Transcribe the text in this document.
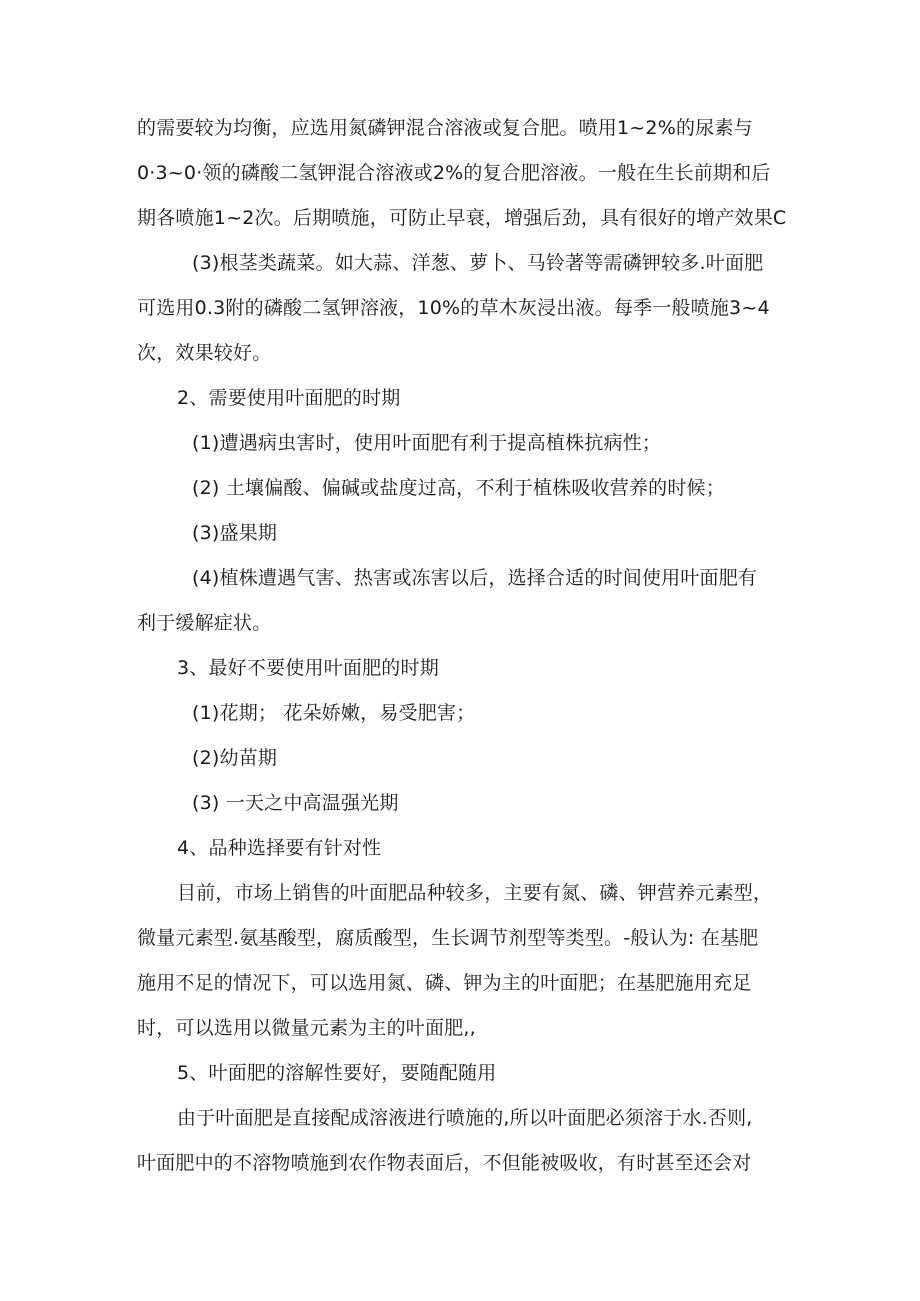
的需要较为均衡，应选用氮磷钾混合溶液或复合肥。喷用1~2%的尿素与

0·3~0·领的磷酸二氢钾混合溶液或2%的复合肥溶液。一般在生长前期和后

期各喷施1~2次。后期喷施，可防止早衰，增强后劲，具有很好的增产效果C

(3)根茎类蔬菜。如大蒜、洋葱、萝卜、马铃著等需磷钾较多.叶面肥

可选用0.3附的磷酸二氢钾溶液，10%的草木灰浸出液。每季一般喷施3~4

次，效果较好。

2、需要使用叶面肥的时期

(1)遭遇病虫害时，使用叶面肥有利于提高植株抗病性；

(2) 土壤偏酸、偏碱或盐度过高，不利于植株吸收营养的时候；

(3)盛果期

(4)植株遭遇气害、热害或冻害以后，选择合适的时间使用叶面肥有

利于缓解症状。

3、最好不要使用叶面肥的时期

(1)花期； 花朵娇嫩，易受肥害；

(2)幼苗期

(3) 一天之中高温强光期

4、品种选择要有针对性

目前，市场上销售的叶面肥品种较多，主要有氮、磷、钾营养元素型，

微量元素型.氨基酸型，腐质酸型，生长调节剂型等类型。-般认为: 在基肥

施用不足的情况下，可以选用氮、磷、钾为主的叶面肥；在基肥施用充足

时，可以选用以微量元素为主的叶面肥,,

5、叶面肥的溶解性要好，要随配随用

由于叶面肥是直接配成溶液进行喷施的,所以叶面肥必须溶于水.否则,

叶面肥中的不溶物喷施到农作物表面后，不但能被吸收，有时甚至还会对
